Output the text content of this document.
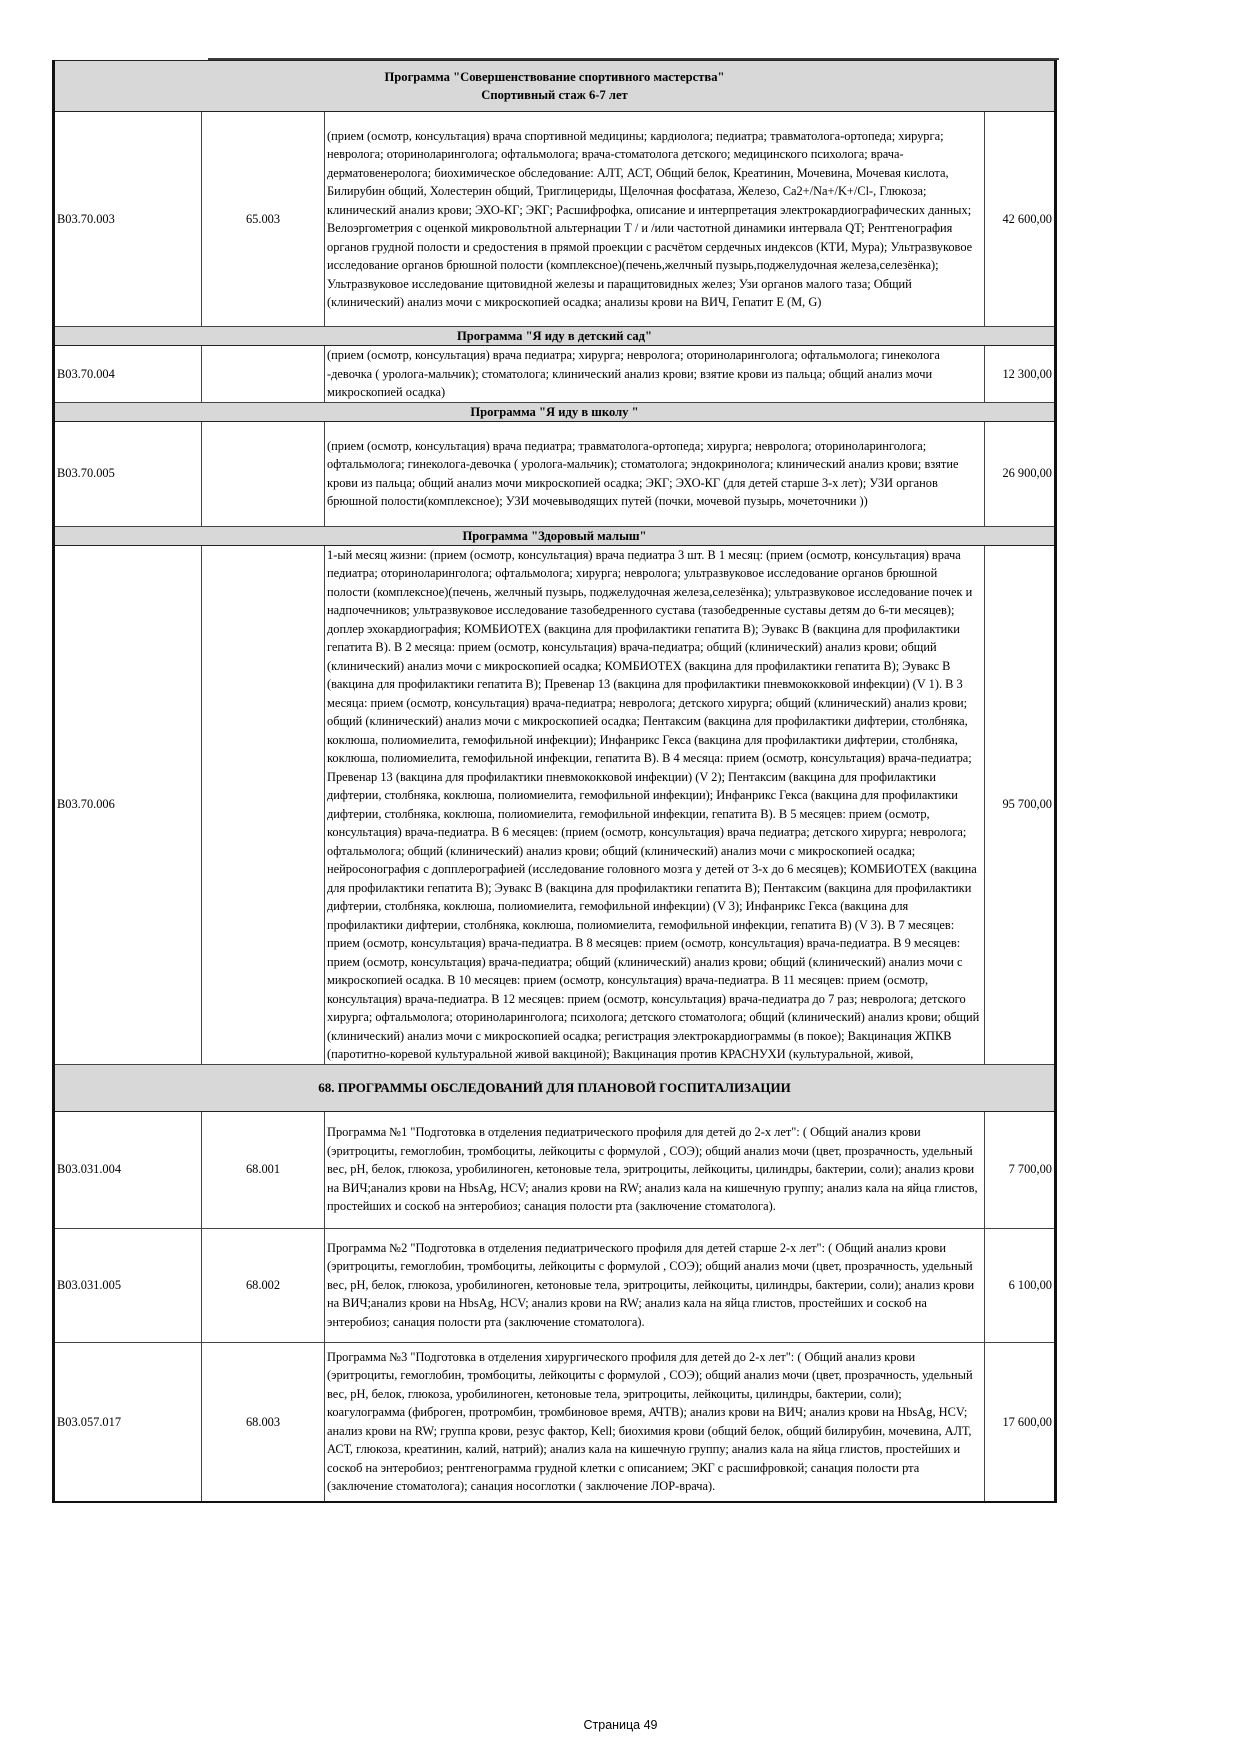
Программа "Совершенствование спортивного мастерства"
Спортивный стаж 6-7 лет			

В03.70.003	65.003	(прием (осмотр, консультация) врача спортивной медицины; кардиолога; педиатра; травматолога-ортопеда; хирурга; невролога; оториноларинголога; офтальмолога; врача-стоматолога детского; медицинского психолога; врача-дерматовенеролога; биохимическое обследование: АЛТ, АСТ, Общий белок, Креатинин, Мочевина, Мочевая кислота, Билирубин общий, Холестерин общий, Триглицериды, Щелочная фосфатаза, Железо, Ca2+/Na+/K+/Cl-, Глюкоза; клинический анализ крови; ЭХО-КГ; ЭКГ; Расшифрофка, описание и интерпретация электрокардиографических данных; Велоэргометрия с оценкой микровольтной альтернации Т / и /или частотной динамики интервала QT; Рентгенография органов грудной полости и средостения в прямой проекции с расчётом сердечных индексов (КТИ, Мура); Ультразвуковое исследование органов брюшной полости (комплексное)(печень,желчный пузырь,поджелудочная железа,селезёнка); Ультразвуковое исследование щитовидной железы и паращитовидных желез; Узи органов малого таза; Общий (клинический) анализ мочи с микроскопией осадка; анализы крови на ВИЧ, Гепатит Е (M, G)	42 600,00
Программа "Я иду в детский сад"			
В03.70.004		(прием (осмотр, консультация) врача педиатра; хирурга; невролога; оториноларинголога; офтальмолога; гинеколога -девочка ( уролога-мальчик); стоматолога; клинический анализ крови; взятие крови из пальца; общий анализ мочи микроскопией осадка)	12 300,00
Программа "Я иду в школу "			
В03.70.005		(прием (осмотр, консультация) врача педиатра; травматолога-ортопеда; хирурга; невролога; оториноларинголога; офтальмолога; гинеколога-девочка ( уролога-мальчик); стоматолога; эндокринолога; клинический анализ крови; взятие крови из пальца; общий анализ мочи микроскопией осадка; ЭКГ; ЭХО-КГ (для детей старше 3-х лет); УЗИ органов брюшной полости(комплексное); УЗИ мочевыводящих путей (почки, мочевой пузырь, мочеточники ))	26 900,00
Программа "Здоровый малыш"			
В03.70.006		1-ый месяц жизни: (прием (осмотр, консультация) врача педиатра 3 шт. В 1 месяц: (прием (осмотр, консультация) врача педиатра; оториноларинголога; офтальмолога; хирурга; невролога; ультразвуковое исследование органов брюшной полости (комплексное)(печень, желчный пузырь, поджелудочная железа,селезёнка); ультразвуковое исследование почек и надпочечников; ультразвуковое исследование тазобедренного сустава (тазобедренные суставы детям до 6-ти месяцев); доплер эхокардиография; КОМБИОТЕХ (вакцина для профилактики гепатита В); Эувакс В (вакцина для профилактики гепатита В). В 2 месяца: прием (осмотр, консультация) врача-педиатра; общий (клинический) анализ крови; общий (клинический) анализ мочи с микроскопией осадка; КОМБИОТЕХ (вакцина для профилактики гепатита В); Эувакс В (вакцина для профилактики гепатита В); Превенар 13 (вакцина для профилактики пневмококковой инфекции) (V 1). В 3 месяца: прием (осмотр, консультация) врача-педиатра; невролога; детского хирурга; общий (клинический) анализ крови; общий (клинический) анализ мочи с микроскопией осадка; Пентаксим (вакцина для профилактики дифтерии, столбняка, коклюша, полиомиелита, гемофильной инфекции); Инфанрикс Гекса (вакцина для профилактики дифтерии, столбняка, коклюша, полиомиелита, гемофильной инфекции, гепатита В). В 4 месяца: прием (осмотр, консультация) врача-педиатра; Превенар 13 (вакцина для профилактики пневмококковой инфекции) (V 2); Пентаксим (вакцина для профилактики дифтерии, столбняка, коклюша, полиомиелита, гемофильной инфекции); Инфанрикс Гекса (вакцина для профилактики дифтерии, столбняка, коклюша, полиомиелита, гемофильной инфекции, гепатита В). В 5 месяцев: прием (осмотр, консультация) врача-педиатра. В 6 месяцев: (прием (осмотр, консультация) врача педиатра; детского хирурга; невролога; офтальмолога; общий (клинический) анализ крови; общий (клинический) анализ мочи с микроскопией осадка; нейросонография с допплерографией (исследование головного мозга у детей от 3-х до 6 месяцев); КОМБИОТЕХ (вакцина для профилактики гепатита В); Эувакс В (вакцина для профилактики гепатита В); Пентаксим (вакцина для профилактики дифтерии, столбняка, коклюша, полиомиелита, гемофильной инфекции) (V 3); Инфанрикс Гекса (вакцина для профилактики дифтерии, столбняка, коклюша, полиомиелита, гемофильной инфекции, гепатита В) (V 3). В 7 месяцев: прием (осмотр, консультация) врача-педиатра. В 8 месяцев: прием (осмотр, консультация) врача-педиатра. В 9 месяцев: прием (осмотр, консультация) врача-педиатра; общий (клинический) анализ крови; общий (клинический) анализ мочи с микроскопией осадка. В 10 месяцев: прием (осмотр, консультация) врача-педиатра. В 11 месяцев: прием (осмотр, консультация) врача-педиатра. В 12 месяцев: прием (осмотр, консультация) врача-педиатра до 7 раз; невролога; детского хирурга; офтальмолога; оториноларинголога; психолога; детского стоматолога; общий (клинический) анализ крови; общий (клинический) анализ мочи с микроскопией осадка; регистрация электрокардиограммы (в покое); Вакцинация ЖПКВ (паротитно-коревой культуральной живой вакциной); Вакцинация против КРАСНУХИ (культуральной, живой,	95 700,00
68. ПРОГРАММЫ ОБСЛЕДОВАНИЙ ДЛЯ ПЛАНОВОЙ ГОСПИТАЛИЗАЦИИ			
В03.031.004	68.001	Программа №1 "Подготовка в отделения педиатрического профиля для детей до 2-х лет": ( Общий анализ крови (эритроциты, гемоглобин, тромбоциты, лейкоциты с формулой , СОЭ); общий анализ мочи (цвет, прозрачность, удельный вес, pH, белок, глюкоза, уробилиноген, кетоновые тела, эритроциты, лейкоциты, цилиндры, бактерии, соли); анализ крови на ВИЧ;анализ крови на HbsAg, HCV; анализ крови на RW; анализ кала на кишечную группу; анализ кала на яйца глистов, простейших и соскоб на энтеробиоз; санация полости рта (заключение стоматолога).	7 700,00
В03.031.005	68.002	Программа №2 "Подготовка в отделения педиатрического профиля для детей старше 2-х лет": ( Общий анализ крови (эритроциты, гемоглобин, тромбоциты, лейкоциты с формулой , СОЭ); общий анализ мочи (цвет, прозрачность, удельный вес, pH, белок, глюкоза, уробилиноген, кетоновые тела, эритроциты, лейкоциты, цилиндры, бактерии, соли); анализ крови на ВИЧ;анализ крови на HbsAg, HCV; анализ крови на RW; анализ кала на яйца глистов, простейших и соскоб на энтеробиоз; санация полости рта (заключение стоматолога).	6 100,00
В03.057.017	68.003	Программа №3 "Подготовка в отделения хирургического профиля для детей до 2-х лет": ( Общий анализ крови (эритроциты, гемоглобин, тромбоциты, лейкоциты с формулой , СОЭ); общий анализ мочи (цвет, прозрачность, удельный вес, pH, белок, глюкоза, уробилиноген, кетоновые тела, эритроциты, лейкоциты, цилиндры, бактерии, соли); коагулограмма (фиброген, протромбин, тромбиновое время, АЧТВ); анализ крови на ВИЧ; анализ крови на HbsAg, HCV; анализ крови на RW; группа крови, резус фактор, Kell; биохимия крови (общий белок, общий билирубин, мочевина, АЛТ, АСТ, глюкоза, креатинин, калий, натрий); анализ кала на кишечную группу; анализ кала на яйца глистов, простейших и соскоб на энтеробиоз; рентгенограмма грудной клетки с описанием; ЭКГ с расшифровкой; санация полости рта (заключение стоматолога); санация носоглотки ( заключение ЛОР-врача).	17 600,00
Страница 49
